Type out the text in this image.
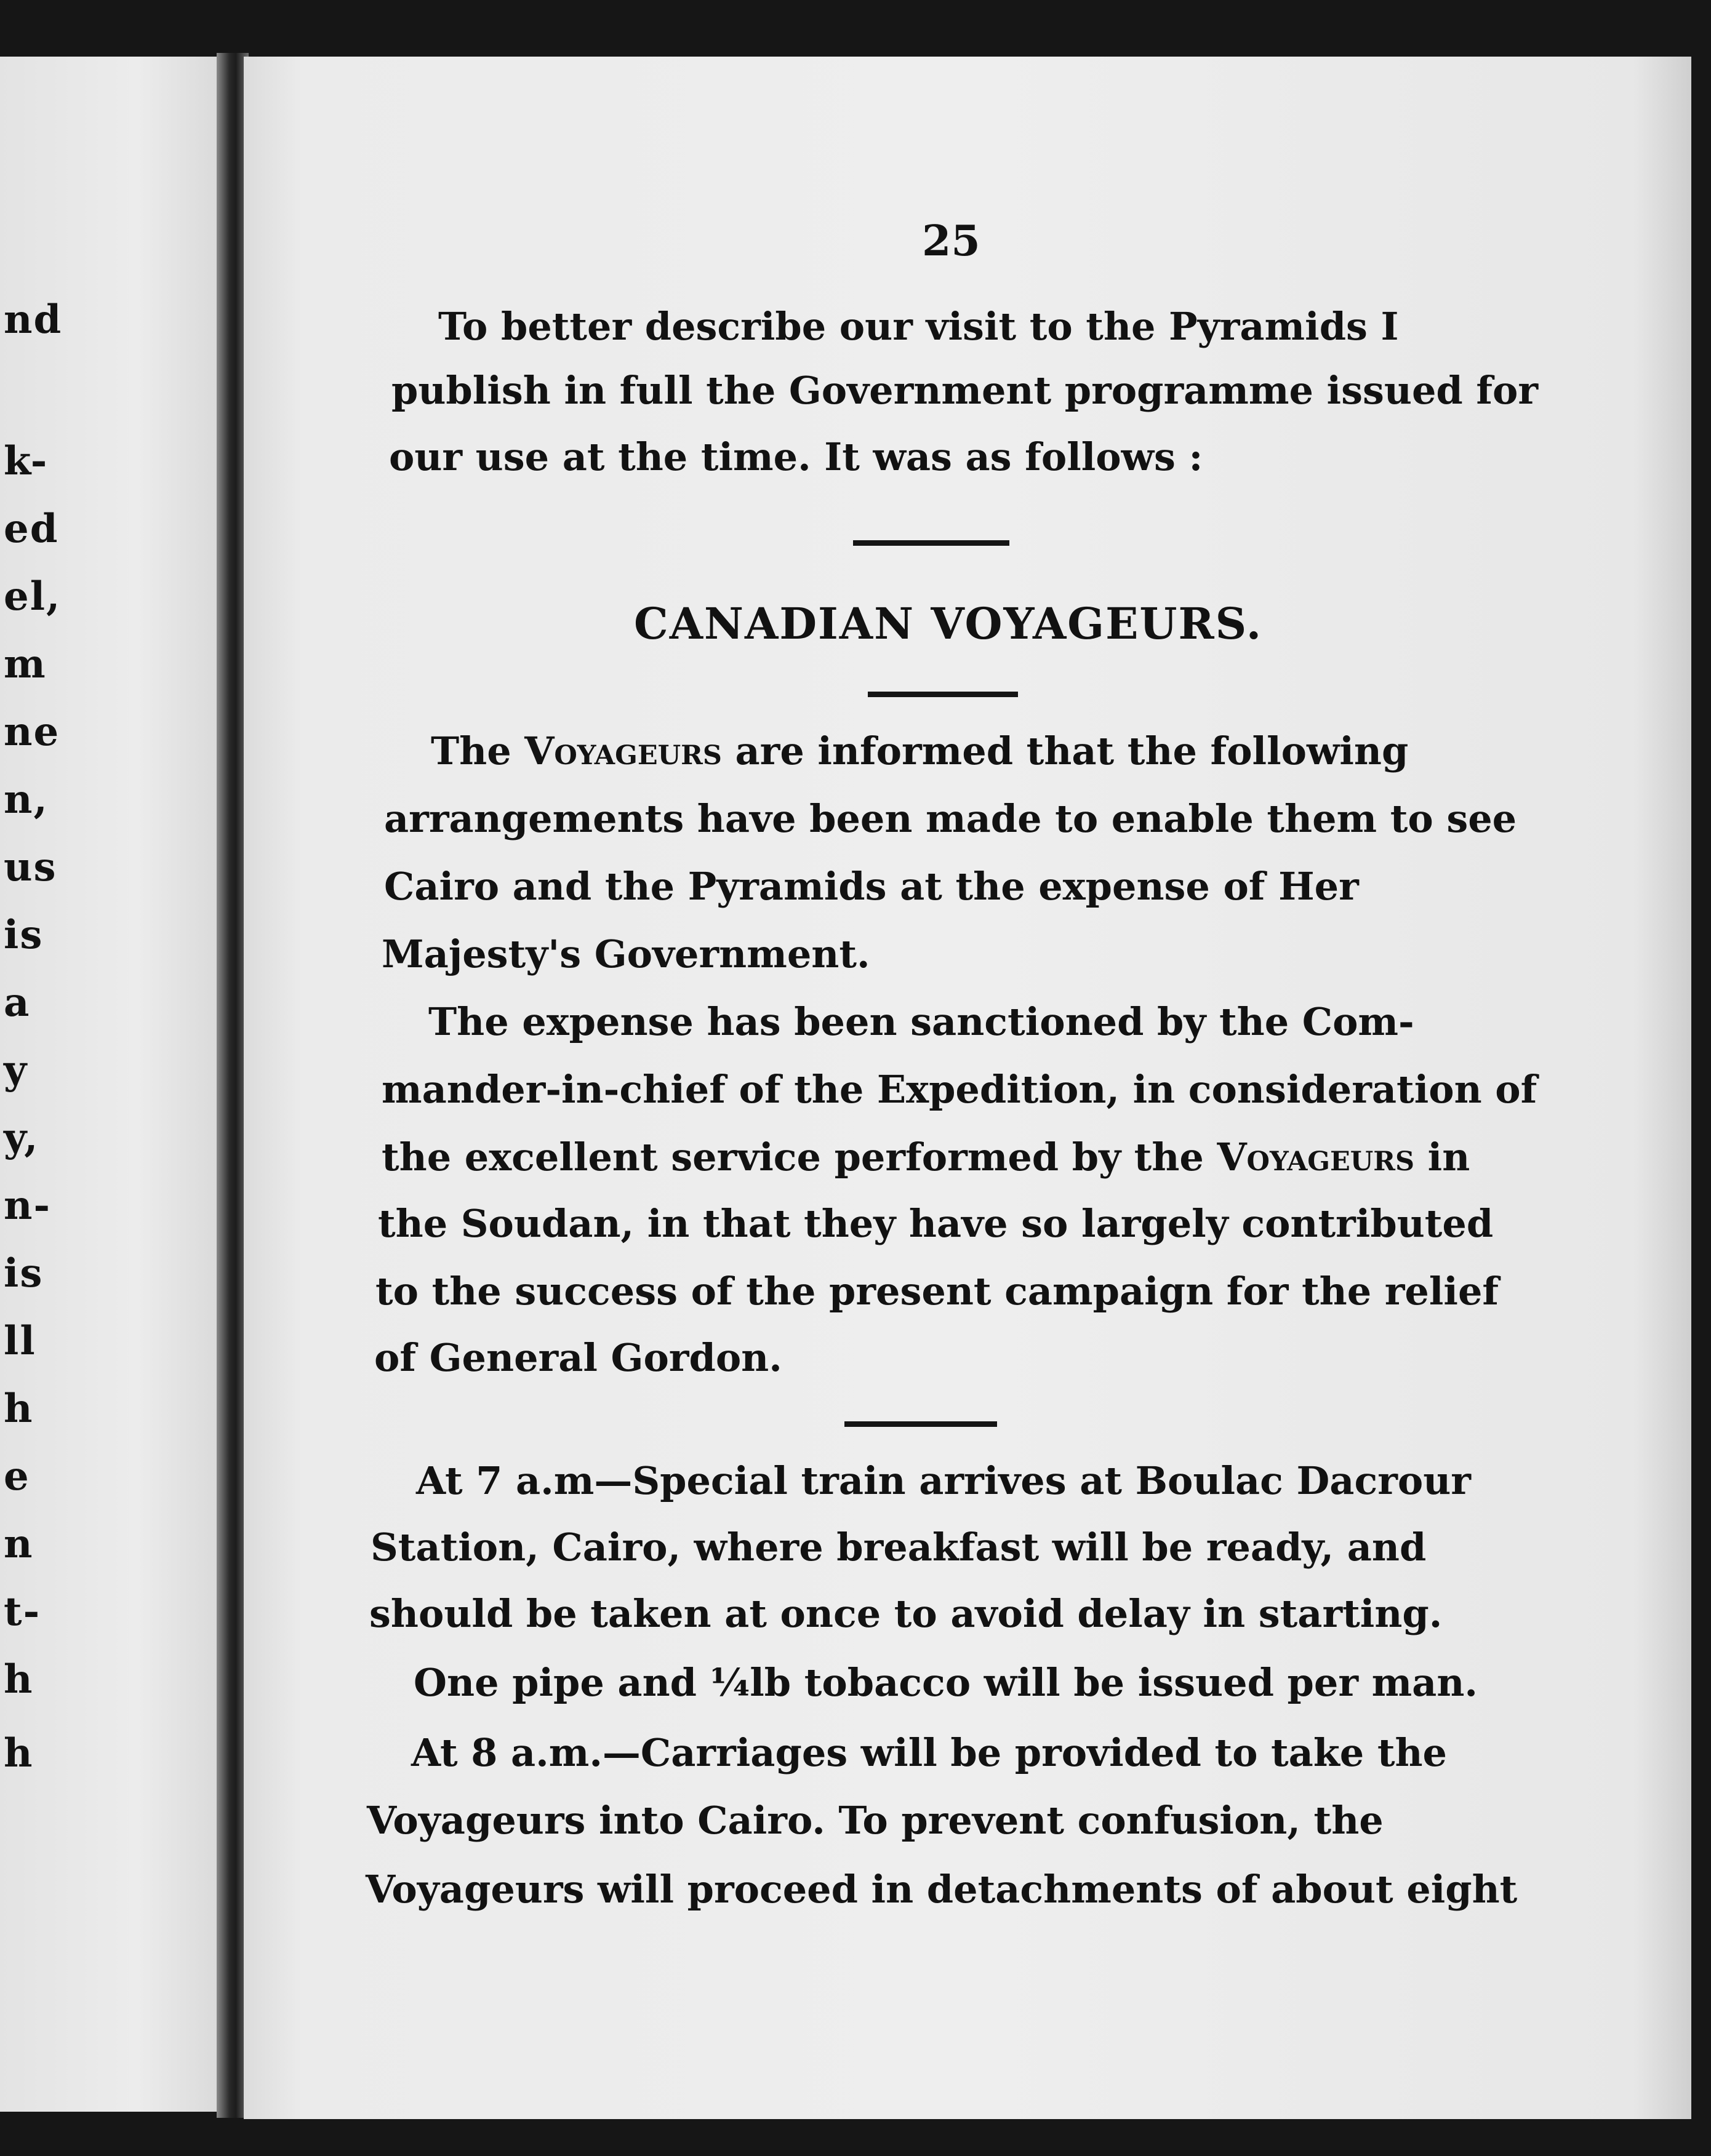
nd
k-
ed
el,
m
ne
n,
us
is
a
y
y,
n-
is
ll
h
e
n
t-
h
h
25

To better describe our visit to the Pyramids I

publish in full the Government programme issued for

our use at the time. It was as follows :

CANADIAN VOYAGEURS.

The Voyageurs are informed that the following

arrangements have been made to enable them to see

Cairo and the Pyramids at the expense of Her

Majesty's Government.

The expense has been sanctioned by the Com-

mander-in-chief of the Expedition, in consideration of

the excellent service performed by the Voyageurs in

the Soudan, in that they have so largely contributed

to the success of the present campaign for the relief

of General Gordon.

At 7 a.m—Special train arrives at Boulac Dacrour

Station, Cairo, where breakfast will be ready, and

should be taken at once to avoid delay in starting.

One pipe and ¼lb tobacco will be issued per man.

At 8 a.m.—Carriages will be provided to take the

Voyageurs into Cairo. To prevent confusion, the

Voyageurs will proceed in detachments of about eight
